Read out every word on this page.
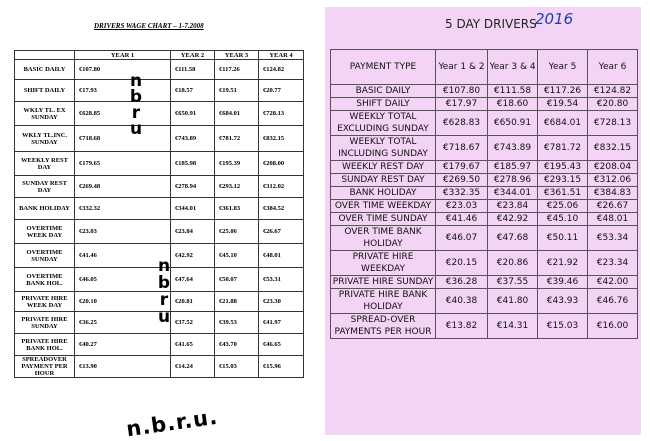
DRIVERS WAGE CHART – 1-7.2008
	YEAR 1	YEAR 2	YEAR 3	YEAR 4
BASIC DAILY	€107.80	€111.58	€117.26	€124.82
SHIFT DAILY	€17.93	€18.57	€19.51	€20.77
WKLY TL. EX SUNDAY	€628.85	€650.91	€684.01	€728.13
WKLY TL.INC. SUNDAY	€718.68	€743.89	€781.72	€832.15
WEEKLY REST DAY	€179.65	€185.98	€195.39	€208.00
SUNDAY REST DAY	€269.48	€278.94	€293.12	€312.02
BANK HOLIDAY	€332.32	€344.01	€361.83	€384.52
OVERTIME WEEK DAY	€23.03	€23.84	€25.06	€26.67
OVERTIME SUNDAY	€41.46	€42.92	€45.10	€48.01
OVERTIME BANK HOL.	€46.05	€47.64	€50.07	€53.31
PRIVATE HIRE WEEK DAY	€20.10	€20.81	€21.88	€23.30
PRIVATE HIRE SUNDAY	€36.25	€37.52	€39.53	€41.97
PRIVATE HIRE BANK HOL.	€40.27	€41.65	€43.70	€46.65
SPREADOVER PAYMENT PER HOUR	€13.90	€14.24	€15.03	€15.96
n
b
r
u
n
b
r
u
n.b.r.u.
5 DAY DRIVERS
2016
PAYMENT TYPE	Year 1 & 2	Year 3 & 4	Year 5	Year 6
BASIC DAILY	€107.80	€111.58	€117.26	€124.82
SHIFT DAILY	€17.97	€18.60	€19.54	€20.80
WEEKLY TOTAL EXCLUDING SUNDAY	€628.83	€650.91	€684.01	€728.13
WEEKLY TOTAL INCLUDING SUNDAY	€718.67	€743.89	€781.72	€832.15
WEEKLY REST DAY	€179.67	€185.97	€195.43	€208.04
SUNDAY REST DAY	€269.50	€278.96	€293.15	€312.06
BANK HOLIDAY	€332.35	€344.01	€361.51	€384.83
OVER TIME WEEKDAY	€23.03	€23.84	€25.06	€26.67
OVER TIME SUNDAY	€41.46	€42.92	€45.10	€48.01
OVER TIME BANK HOLIDAY	€46.07	€47.68	€50.11	€53.34
PRIVATE HIRE WEEKDAY	€20.15	€20.86	€21.92	€23.34
PRIVATE HIRE SUNDAY	€36.28	€37.55	€39.46	€42.00
PRIVATE HIRE BANK HOLIDAY	€40.38	€41.80	€43.93	€46.76
SPREAD-OVER PAYMENTS PER HOUR	€13.82	€14.31	€15.03	€16.00
